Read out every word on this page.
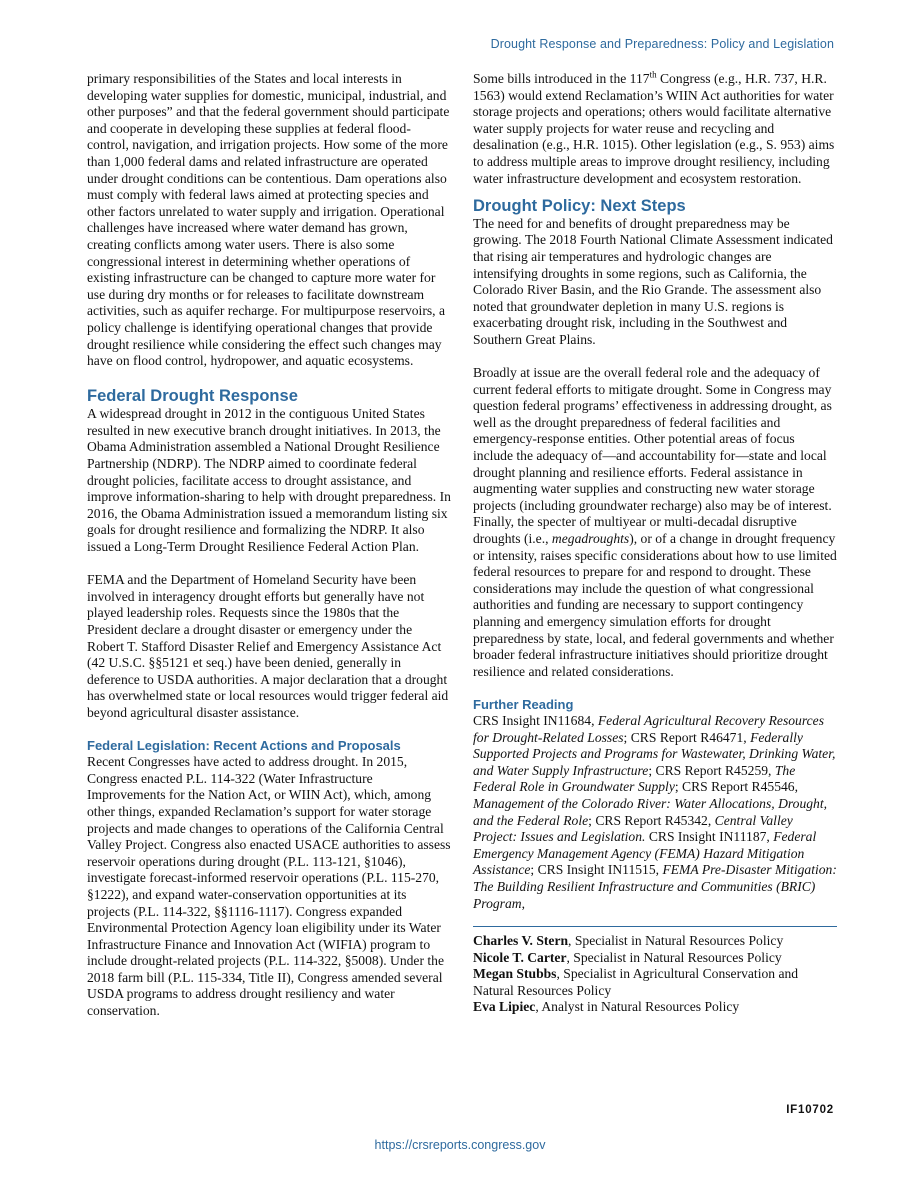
Drought Response and Preparedness: Policy and Legislation

primary responsibilities of the States and local interests in developing water supplies for domestic, municipal, industrial, and other purposes” and that the federal government should participate and cooperate in developing these supplies at federal flood-control, navigation, and irrigation projects. How some of the more than 1,000 federal dams and related infrastructure are operated under drought conditions can be contentious. Dam operations also must comply with federal laws aimed at protecting species and other factors unrelated to water supply and irrigation. Operational challenges have increased where water demand has grown, creating conflicts among water users. There is also some congressional interest in determining whether operations of existing infrastructure can be changed to capture more water for use during dry months or for releases to facilitate downstream activities, such as aquifer recharge. For multipurpose reservoirs, a policy challenge is identifying operational changes that provide drought resilience while considering the effect such changes may have on flood control, hydropower, and aquatic ecosystems.

Federal Drought Response

A widespread drought in 2012 in the contiguous United States resulted in new executive branch drought initiatives. In 2013, the Obama Administration assembled a National Drought Resilience Partnership (NDRP). The NDRP aimed to coordinate federal drought policies, facilitate access to drought assistance, and improve information-sharing to help with drought preparedness. In 2016, the Obama Administration issued a memorandum listing six goals for drought resilience and formalizing the NDRP. It also issued a Long-Term Drought Resilience Federal Action Plan.

FEMA and the Department of Homeland Security have been involved in interagency drought efforts but generally have not played leadership roles. Requests since the 1980s that the President declare a drought disaster or emergency under the Robert T. Stafford Disaster Relief and Emergency Assistance Act (42 U.S.C. §§5121 et seq.) have been denied, generally in deference to USDA authorities. A major declaration that a drought has overwhelmed state or local resources would trigger federal aid beyond agricultural disaster assistance.

Federal Legislation: Recent Actions and Proposals

Recent Congresses have acted to address drought. In 2015, Congress enacted P.L. 114-322 (Water Infrastructure Improvements for the Nation Act, or WIIN Act), which, among other things, expanded Reclamation’s support for water storage projects and made changes to operations of the California Central Valley Project. Congress also enacted USACE authorities to assess reservoir operations during drought (P.L. 113-121, §1046), investigate forecast-informed reservoir operations (P.L. 115-270, §1222), and expand water-conservation opportunities at its projects (P.L. 114-322, §§1116-1117). Congress expanded Environmental Protection Agency loan eligibility under its Water Infrastructure Finance and Innovation Act (WIFIA) program to include drought-related projects (P.L. 114-322, §5008). Under the 2018 farm bill (P.L. 115-334, Title II), Congress amended several USDA programs to address drought resiliency and water conservation.

Some bills introduced in the 117th Congress (e.g., H.R. 737, H.R. 1563) would extend Reclamation’s WIIN Act authorities for water storage projects and operations; others would facilitate alternative water supply projects for water reuse and recycling and desalination (e.g., H.R. 1015). Other legislation (e.g., S. 953) aims to address multiple areas to improve drought resiliency, including water infrastructure development and ecosystem restoration.

Drought Policy: Next Steps

The need for and benefits of drought preparedness may be growing. The 2018 Fourth National Climate Assessment indicated that rising air temperatures and hydrologic changes are intensifying droughts in some regions, such as California, the Colorado River Basin, and the Rio Grande. The assessment also noted that groundwater depletion in many U.S. regions is exacerbating drought risk, including in the Southwest and Southern Great Plains.

Broadly at issue are the overall federal role and the adequacy of current federal efforts to mitigate drought. Some in Congress may question federal programs’ effectiveness in addressing drought, as well as the drought preparedness of federal facilities and emergency-response entities. Other potential areas of focus include the adequacy of—and accountability for—state and local drought planning and resilience efforts. Federal assistance in augmenting water supplies and constructing new water storage projects (including groundwater recharge) also may be of interest. Finally, the specter of multiyear or multi-decadal disruptive droughts (i.e., megadroughts), or of a change in drought frequency or intensity, raises specific considerations about how to use limited federal resources to prepare for and respond to drought. These considerations may include the question of what congressional authorities and funding are necessary to support contingency planning and emergency simulation efforts for drought preparedness by state, local, and federal governments and whether broader federal infrastructure initiatives should prioritize drought resilience and related considerations.

Further Reading

CRS Insight IN11684, Federal Agricultural Recovery Resources for Drought-Related Losses; CRS Report R46471, Federally Supported Projects and Programs for Wastewater, Drinking Water, and Water Supply Infrastructure; CRS Report R45259, The Federal Role in Groundwater Supply; CRS Report R45546, Management of the Colorado River: Water Allocations, Drought, and the Federal Role; CRS Report R45342, Central Valley Project: Issues and Legislation. CRS Insight IN11187, Federal Emergency Management Agency (FEMA) Hazard Mitigation Assistance; CRS Insight IN11515, FEMA Pre-Disaster Mitigation: The Building Resilient Infrastructure and Communities (BRIC) Program,

Charles V. Stern, Specialist in Natural Resources Policy
Nicole T. Carter, Specialist in Natural Resources Policy
Megan Stubbs, Specialist in Agricultural Conservation and Natural Resources Policy
Eva Lipiec, Analyst in Natural Resources Policy
IF10702
https://crsreports.congress.gov
